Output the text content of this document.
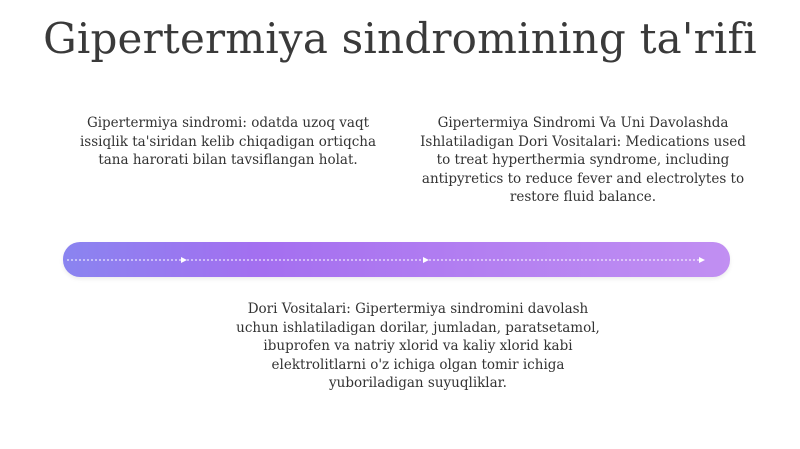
Gipertermiya sindromining ta'rifi
Gipertermiya sindromi: odatda uzoq vaqt issiqlik ta'siridan kelib chiqadigan ortiqcha tana harorati bilan tavsiflangan holat.
Gipertermiya Sindromi Va Uni Davolashda Ishlatiladigan Dori Vositalari: Medications used to treat hyperthermia syndrome, including antipyretics to reduce fever and electrolytes to restore fluid balance.
Dori Vositalari: Gipertermiya sindromini davolash uchun ishlatiladigan dorilar, jumladan, paratsetamol, ibuprofen va natriy xlorid va kaliy xlorid kabi elektrolitlarni o'z ichiga olgan tomir ichiga yuboriladigan suyuqliklar.
